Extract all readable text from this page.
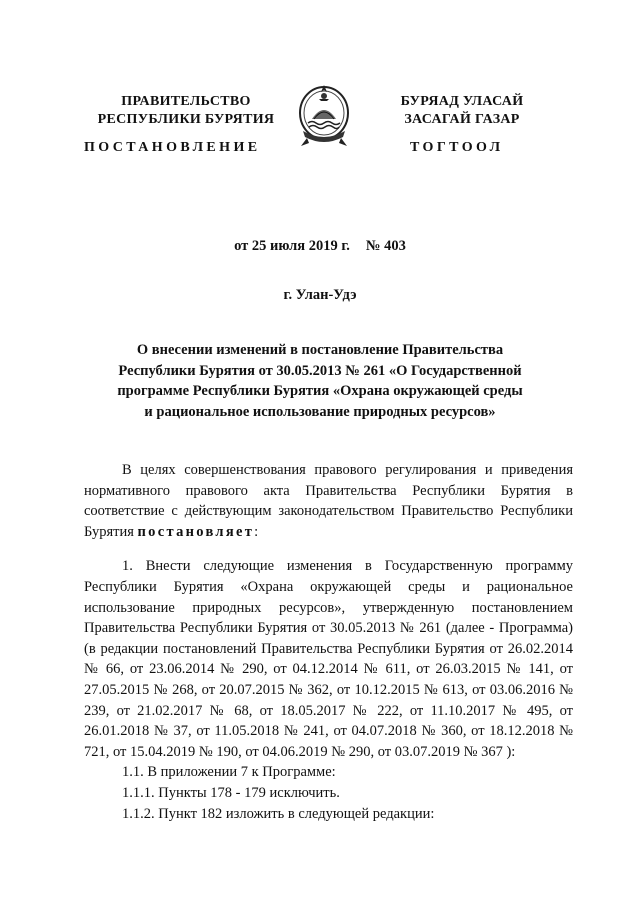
ПРАВИТЕЛЬСТВО
РЕСПУБЛИКИ БУРЯТИЯ
ПОСТАНОВЛЕНИЕ
БУРЯАД УЛАСАЙ
ЗАСАГАЙ ГАЗАР
ТОГТООЛ
от 25 июля 2019 г. № 403
г. Улан-Удэ
О внесении изменений в постановление Правительства
Республики Бурятия от 30.05.2013 № 261 «О Государственной
программе Республики Бурятия «Охрана окружающей среды
и рациональное использование природных ресурсов»

В целях совершенствования правового регулирования и приведения нормативного правового акта Правительства Республики Бурятия в соответствие с действующим законодательством Правительство Республики Бурятия постановляет:

1. Внести следующие изменения в Государственную программу Республики Бурятия «Охрана окружающей среды и рациональное использование природных ресурсов», утвержденную постановлением Правительства Республики Бурятия от 30.05.2013 № 261 (далее - Программа) (в редакции постановлений Правительства Республики Бурятия от 26.02.2014 № 66, от 23.06.2014 № 290, от 04.12.2014 № 611, от 26.03.2015 № 141, от 27.05.2015 № 268, от 20.07.2015 № 362, от 10.12.2015 № 613, от 03.06.2016 № 239, от 21.02.2017 № 68, от 18.05.2017 № 222, от 11.10.2017 № 495, от 26.01.2018 № 37, от 11.05.2018 № 241, от 04.07.2018 № 360, от 18.12.2018 № 721, от 15.04.2019 № 190, от 04.06.2019 № 290, от 03.07.2019 № 367 ):

1.1. В приложении 7 к Программе:

1.1.1. Пункты 178 - 179 исключить.

1.1.2. Пункт 182 изложить в следующей редакции:
